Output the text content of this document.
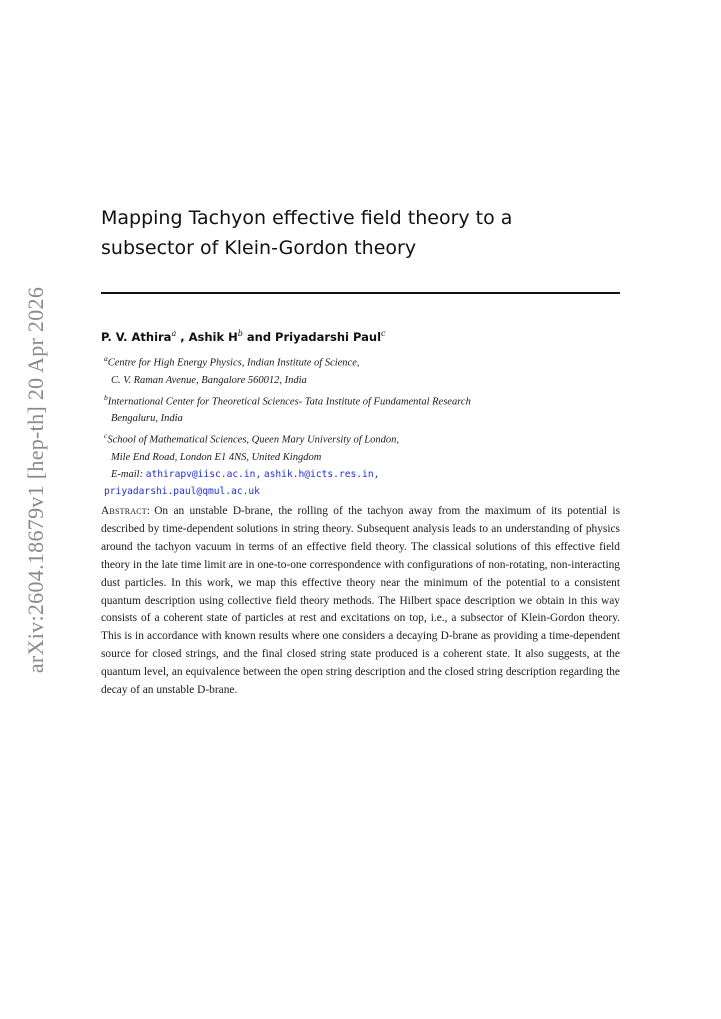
arXiv:2604.18679v1 [hep-th] 20 Apr 2026
Mapping Tachyon effective field theory to a
subsector of Klein-Gordon theory
P. V. Athira$^a$ , Ashik $H^b$ and Priyadarshi Paul$^c$
$^a$Centre for High Energy Physics, Indian Institute of Science,
C. V. Raman Avenue, Bangalore 560012, India
$^b$International Center for Theoretical Sciences- Tata Institute of Fundamental Research
Bengaluru, India
$^c$School of Mathematical Sciences, Queen Mary University of London,
Mile End Road, London E1 4NS, United Kingdom
E-mail: athirapv@iisc.ac.in, ashik.h@icts.res.in,
priyadarshi.paul@qmul.ac.uk
Abstract: On an unstable D-brane, the rolling of the tachyon away from the maximum of its potential is described by time-dependent solutions in string theory. Subsequent analysis leads to an understanding of physics around the tachyon vacuum in terms of an effective field theory. The classical solutions of this effective field theory in the late time limit are in one-to-one correspondence with configurations of non-rotating, non-interacting dust particles. In this work, we map this effective theory near the minimum of the potential to a consistent quantum description using collective field theory methods. The Hilbert space description we obtain in this way consists of a coherent state of particles at rest and excitations on top, i.e., a subsector of Klein-Gordon theory. This is in accordance with known results where one considers a decaying D-brane as providing a time-dependent source for closed strings, and the final closed string state produced is a coherent state. It also suggests, at the quantum level, an equivalence between the open string description and the closed string description regarding the decay of an unstable D-brane.
